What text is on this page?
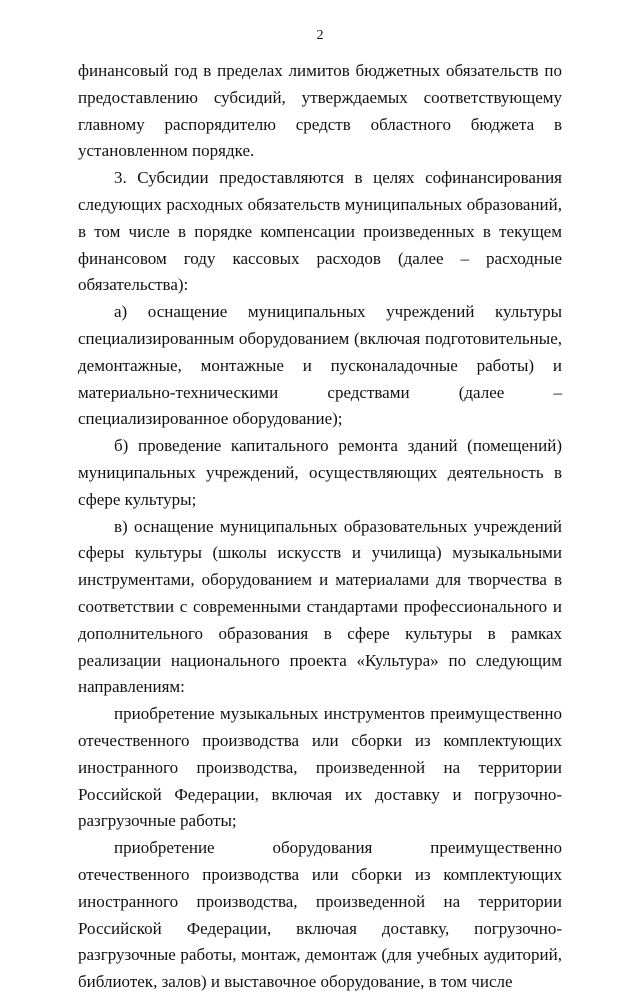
2

финансовый год в пределах лимитов бюджетных обязательств по предоставлению субсидий, утверждаемых соответствующему главному распорядителю средств областного бюджета в установленном порядке.

3. Субсидии предоставляются в целях софинансирования следующих расходных обязательств муниципальных образований, в том числе в порядке компенсации произведенных в текущем финансовом году кассовых расходов (далее – расходные обязательства):

а) оснащение муниципальных учреждений культуры специализированным оборудованием (включая подготовительные, демонтажные, монтажные и пусконаладочные работы) и материально-техническими средствами (далее – специализированное оборудование);

б) проведение капитального ремонта зданий (помещений) муниципальных учреждений, осуществляющих деятельность в сфере культуры;

в) оснащение муниципальных образовательных учреждений сферы культуры (школы искусств и училища) музыкальными инструментами, оборудованием и материалами для творчества в соответствии с современными стандартами профессионального и дополнительного образования в сфере культуры в рамках реализации национального проекта «Культура» по следующим направлениям:

приобретение музыкальных инструментов преимущественно отечественного производства или сборки из комплектующих иностранного производства, произведенной на территории Российской Федерации, включая их доставку и погрузочно-разгрузочные работы;

приобретение оборудования преимущественно отечественного производства или сборки из комплектующих иностранного производства, произведенной на территории Российской Федерации, включая доставку, погрузочно-разгрузочные работы, монтаж, демонтаж (для учебных аудиторий, библиотек, залов) и выставочное оборудование, в том числе
